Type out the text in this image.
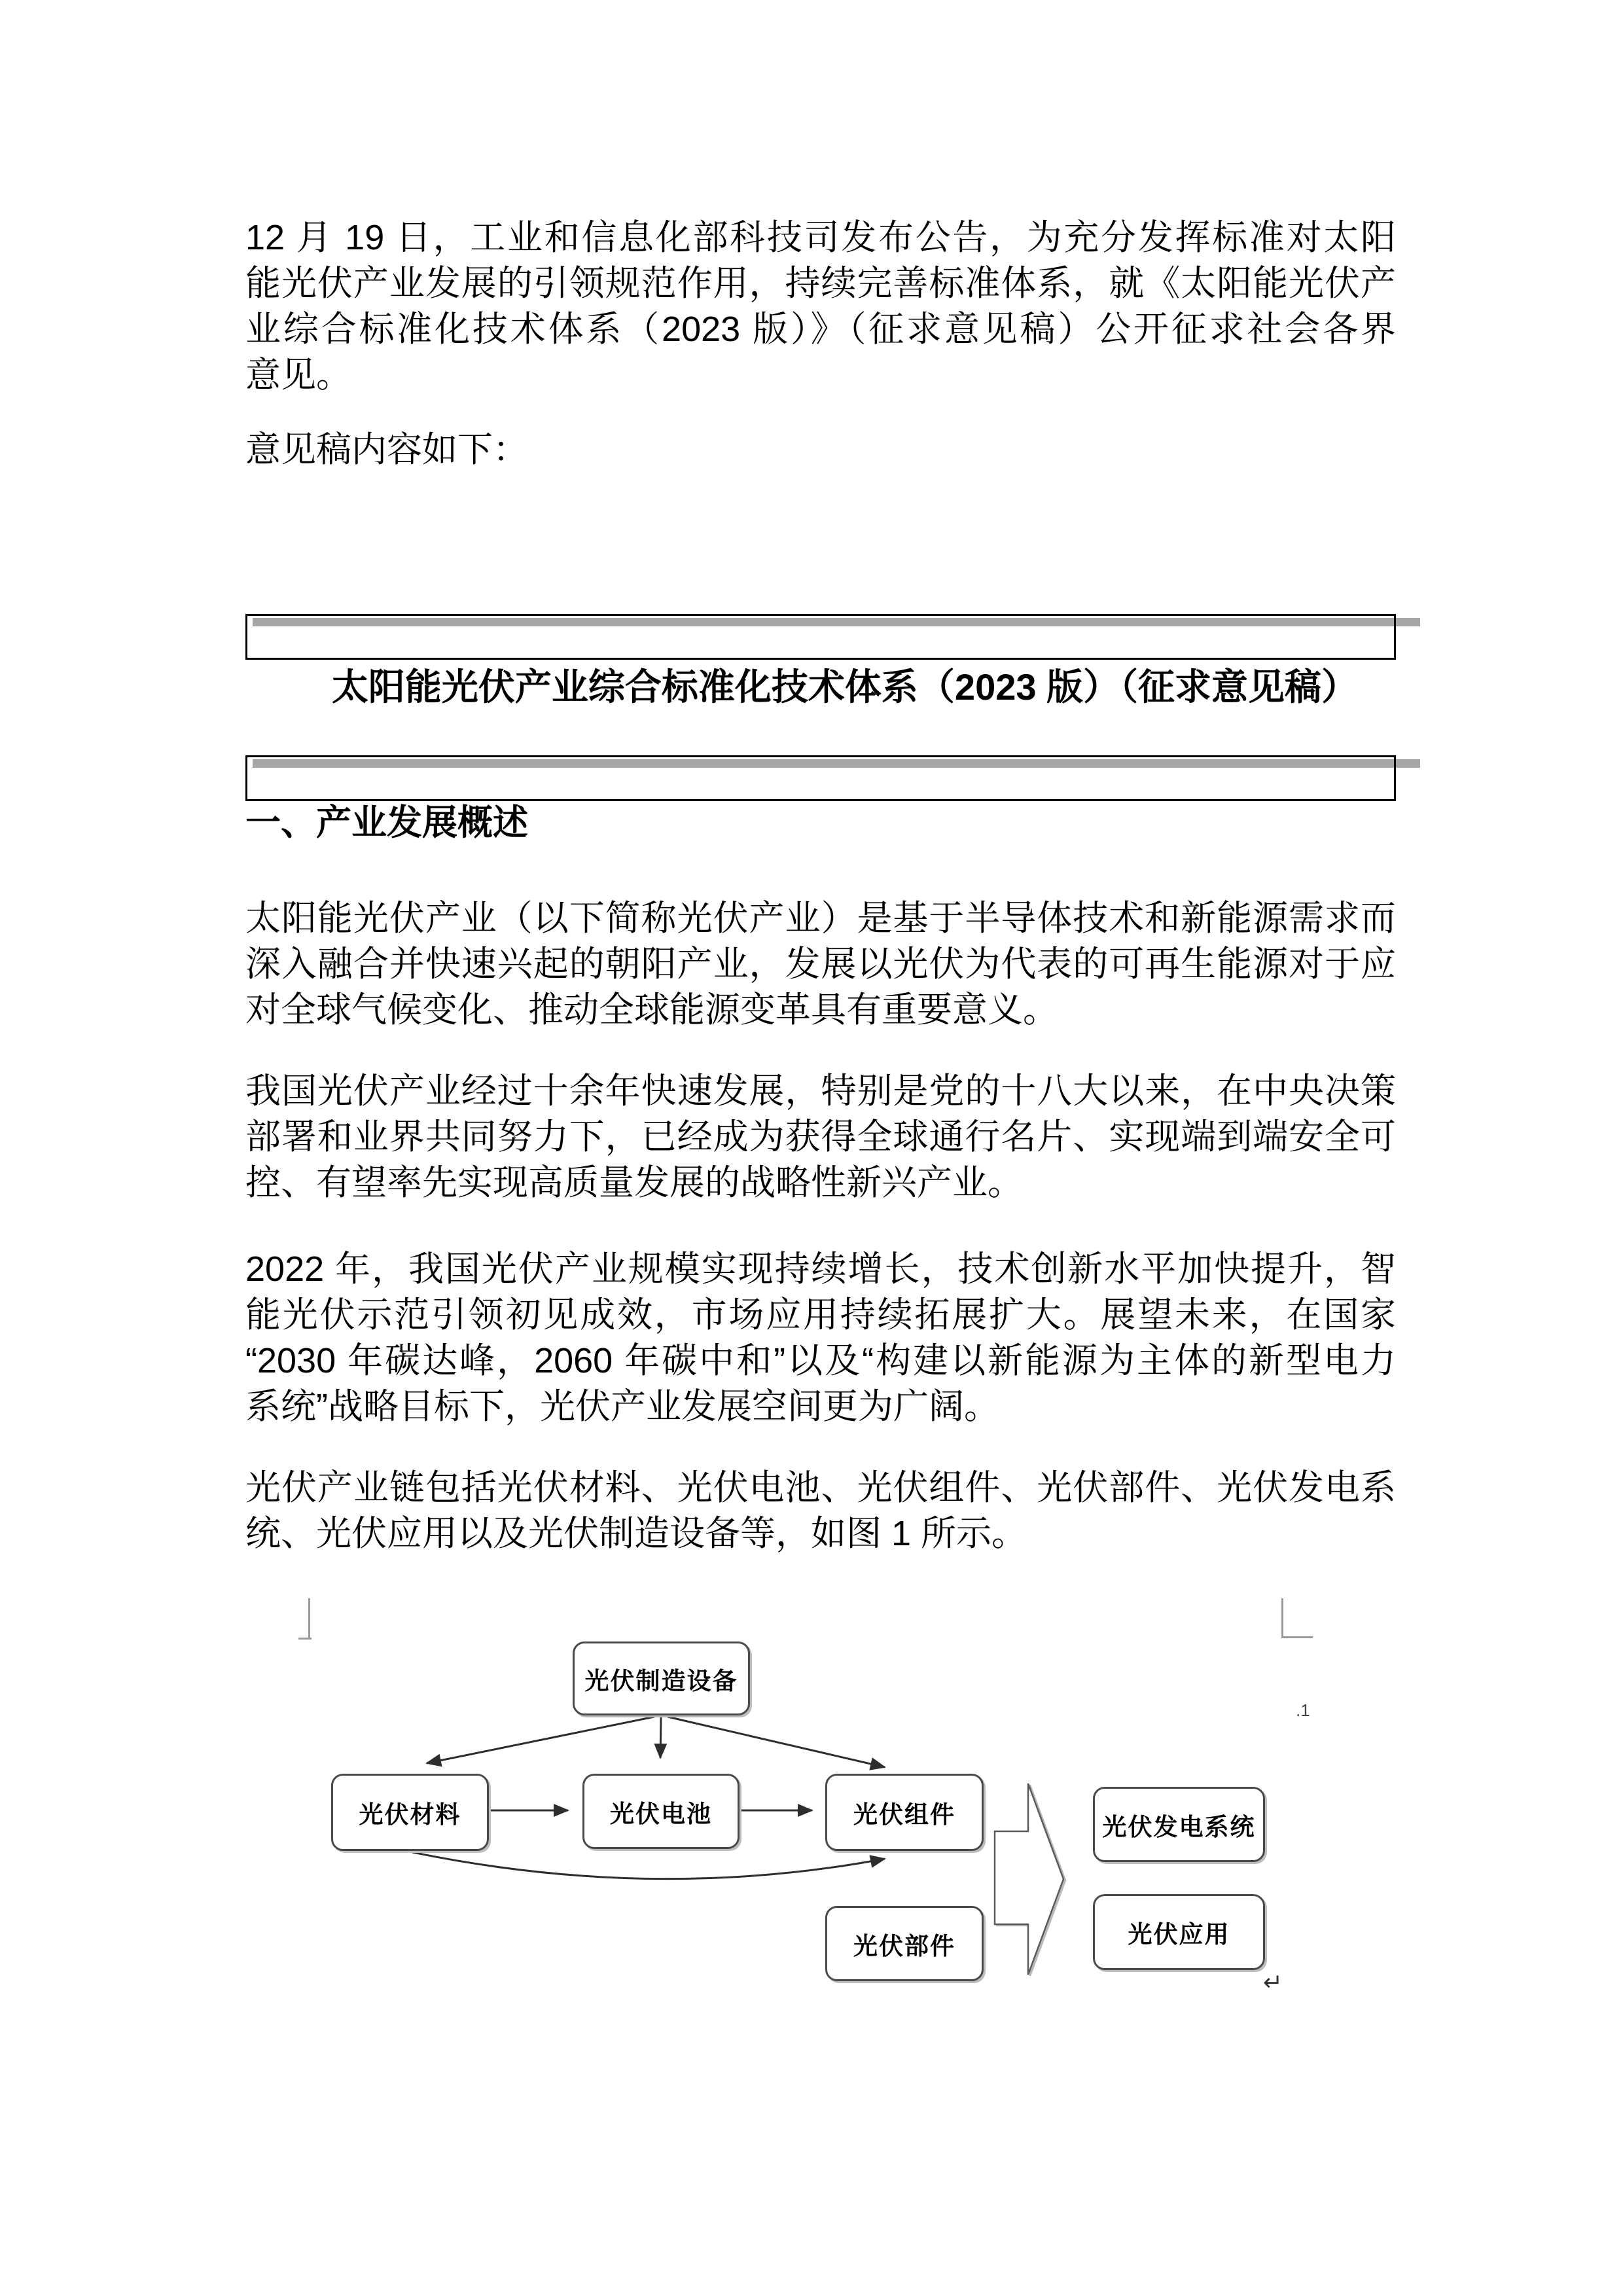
12 月 19 日，工业和信息化部科技司发布公告，为充分发挥标准对太阳
能光伏产业发展的引领规范作用，持续完善标准体系，就《太阳能光伏产
业综合标准化技术体系（2023 版）》（征求意见稿）公开征求社会各界
意见。
意见稿内容如下：
太阳能光伏产业综合标准化技术体系（2023 版）（征求意见稿）
一、产业发展概述
太阳能光伏产业（以下简称光伏产业）是基于半导体技术和新能源需求而
深入融合并快速兴起的朝阳产业，发展以光伏为代表的可再生能源对于应
对全球气候变化、推动全球能源变革具有重要意义。
我国光伏产业经过十余年快速发展，特别是党的十八大以来，在中央决策
部署和业界共同努力下，已经成为获得全球通行名片、实现端到端安全可
控、有望率先实现高质量发展的战略性新兴产业。
2022 年，我国光伏产业规模实现持续增长，技术创新水平加快提升，智
能光伏示范引领初见成效，市场应用持续拓展扩大。展望未来，在国家
“2030 年碳达峰，2060 年碳中和”以及“构建以新能源为主体的新型电力
系统”战略目标下，光伏产业发展空间更为广阔。
光伏产业链包括光伏材料、光伏电池、光伏组件、光伏部件、光伏发电系
统、光伏应用以及光伏制造设备等，如图 1 所示。
.1
光伏制造设备
光伏材料	光伏电池	光伏组件
光伏部件
光伏发电系统
光伏应用
↵
